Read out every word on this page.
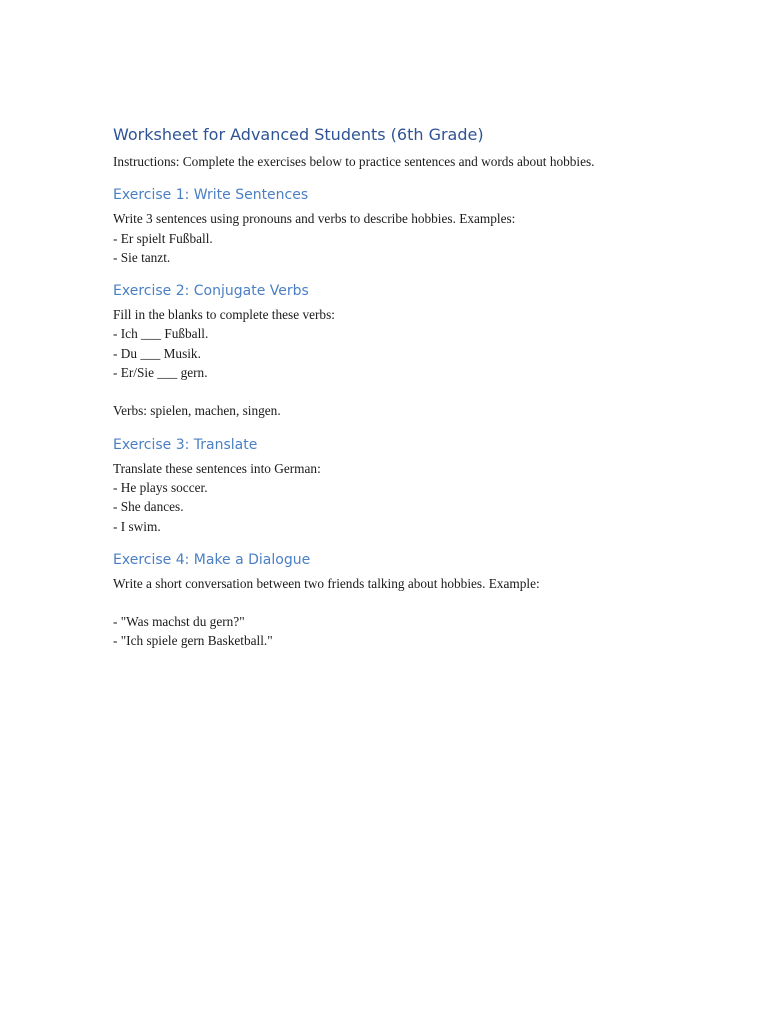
Worksheet for Advanced Students (6th Grade)

Instructions: Complete the exercises below to practice sentences and words about hobbies.

Exercise 1: Write Sentences

Write 3 sentences using pronouns and verbs to describe hobbies. Examples:

- Er spielt Fußball.

- Sie tanzt.

Exercise 2: Conjugate Verbs

Fill in the blanks to complete these verbs:

- Ich ___ Fußball.

- Du ___ Musik.

- Er/Sie ___ gern.

Verbs: spielen, machen, singen.

Exercise 3: Translate

Translate these sentences into German:

- He plays soccer.

- She dances.

- I swim.

Exercise 4: Make a Dialogue

Write a short conversation between two friends talking about hobbies. Example:

- "Was machst du gern?"

- "Ich spiele gern Basketball."
